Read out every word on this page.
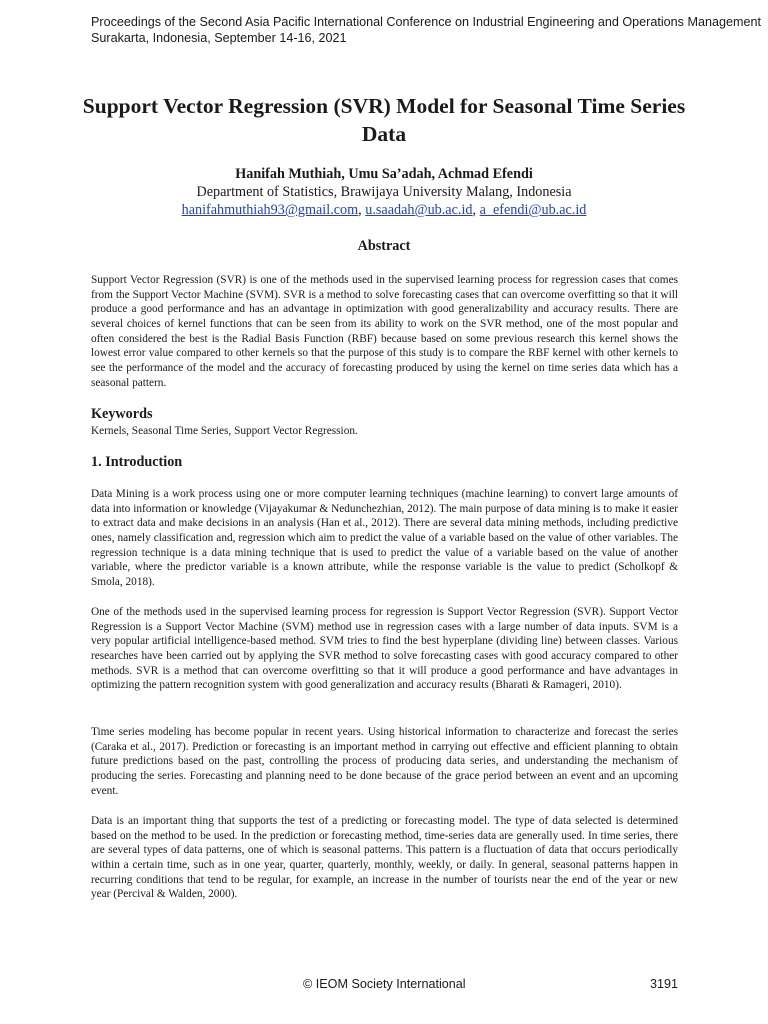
Proceedings of the Second Asia Pacific International Conference on Industrial Engineering and Operations Management
Surakarta, Indonesia, September 14-16, 2021
Support Vector Regression (SVR) Model for Seasonal Time Series Data

Hanifah Muthiah, Umu Sa’adah, Achmad Efendi

Department of Statistics, Brawijaya University Malang, Indonesia

hanifahmuthiah93@gmail.com, u.saadah@ub.ac.id, a_efendi@ub.ac.id

Abstract

Support Vector Regression (SVR) is one of the methods used in the supervised learning process for regression cases that comes from the Support Vector Machine (SVM). SVR is a method to solve forecasting cases that can overcome overfitting so that it will produce a good performance and has an advantage in optimization with good generalizability and accuracy results. There are several choices of kernel functions that can be seen from its ability to work on the SVR method, one of the most popular and often considered the best is the Radial Basis Function (RBF) because based on some previous research this kernel shows the lowest error value compared to other kernels so that the purpose of this study is to compare the RBF kernel with other kernels to see the performance of the model and the accuracy of forecasting produced by using the kernel on time series data which has a seasonal pattern.

Keywords

Kernels, Seasonal Time Series, Support Vector Regression.

1. Introduction

Data Mining is a work process using one or more computer learning techniques (machine learning) to convert large amounts of data into information or knowledge (Vijayakumar & Nedunchezhian, 2012). The main purpose of data mining is to make it easier to extract data and make decisions in an analysis (Han et al., 2012). There are several data mining methods, including predictive ones, namely classification and, regression which aim to predict the value of a variable based on the value of other variables. The regression technique is a data mining technique that is used to predict the value of a variable based on the value of another variable, where the predictor variable is a known attribute, while the response variable is the value to predict (Scholkopf & Smola, 2018).

One of the methods used in the supervised learning process for regression is Support Vector Regression (SVR). Support Vector Regression is a Support Vector Machine (SVM) method use in regression cases with a large number of data inputs. SVM is a very popular artificial intelligence-based method. SVM tries to find the best hyperplane (dividing line) between classes. Various researches have been carried out by applying the SVR method to solve forecasting cases with good accuracy compared to other methods. SVR is a method that can overcome overfitting so that it will produce a good performance and have advantages in optimizing the pattern recognition system with good generalization and accuracy results (Bharati & Ramageri, 2010).

Time series modeling has become popular in recent years. Using historical information to characterize and forecast the series (Caraka et al., 2017). Prediction or forecasting is an important method in carrying out effective and efficient planning to obtain future predictions based on the past, controlling the process of producing data series, and understanding the mechanism of producing the series. Forecasting and planning need to be done because of the grace period between an event and an upcoming event.

Data is an important thing that supports the test of a predicting or forecasting model. The type of data selected is determined based on the method to be used. In the prediction or forecasting method, time-series data are generally used. In time series, there are several types of data patterns, one of which is seasonal patterns. This pattern is a fluctuation of data that occurs periodically within a certain time, such as in one year, quarter, quarterly, monthly, weekly, or daily. In general, seasonal patterns happen in recurring conditions that tend to be regular, for example, an increase in the number of tourists near the end of the year or new year (Percival & Walden, 2000).

© IEOM Society International	3191
